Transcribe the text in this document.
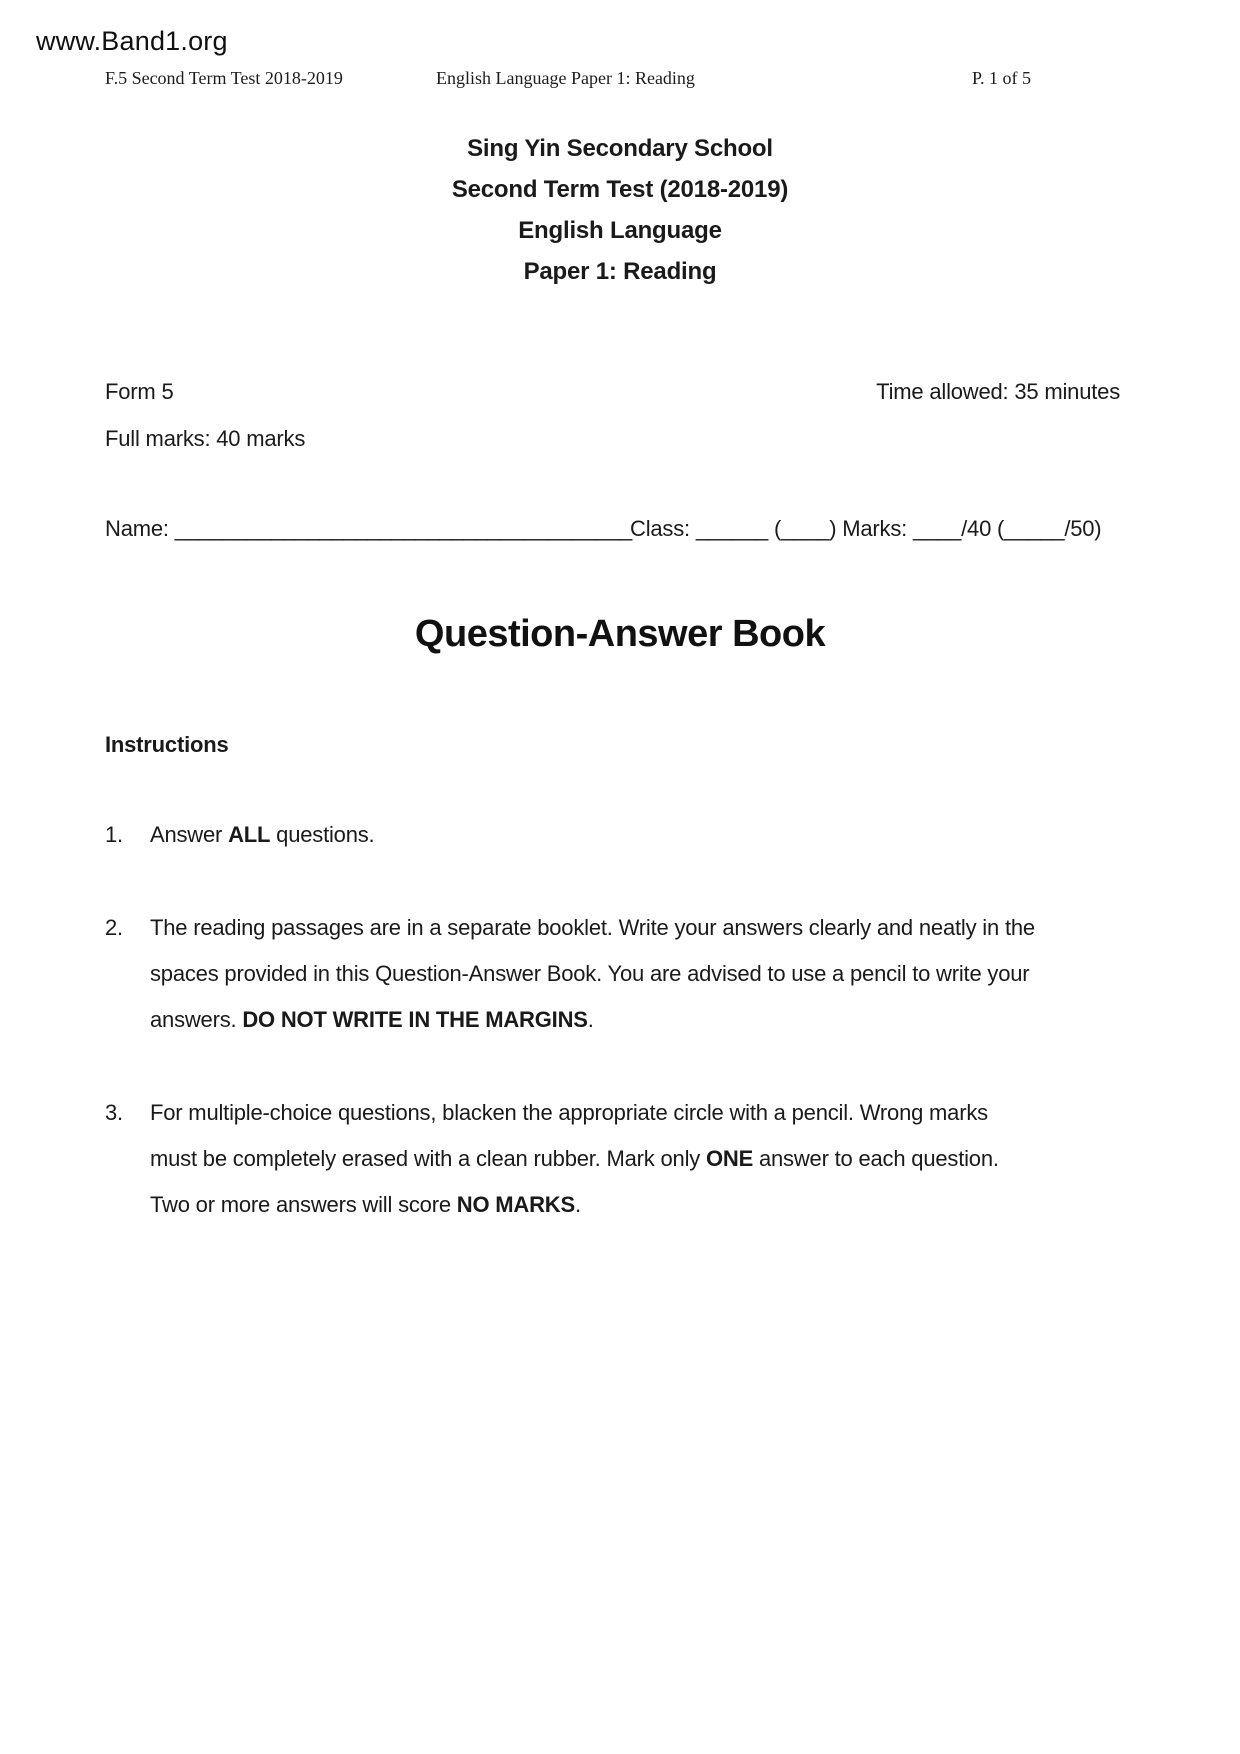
www.Band1.org
F.5 Second Term Test 2018-2019	English Language Paper 1: Reading	P. 1 of 5
Sing Yin Secondary School
Second Term Test (2018-2019)
English Language
Paper 1: Reading
Form 5	Time allowed: 35 minutes
Full marks: 40 marks
Name: ______________________________________
Class: ______ (____) Marks: ____/40 (_____/50)
Question-Answer Book
Instructions
1.	Answer ALL questions.
2.	The reading passages are in a separate booklet. Write your answers clearly and neatly in the
spaces provided in this Question-Answer Book. You are advised to use a pencil to write your
answers. DO NOT WRITE IN THE MARGINS.
3.	For multiple-choice questions, blacken the appropriate circle with a pencil. Wrong marks
must be completely erased with a clean rubber. Mark only ONE answer to each question.
Two or more answers will score NO MARKS.
